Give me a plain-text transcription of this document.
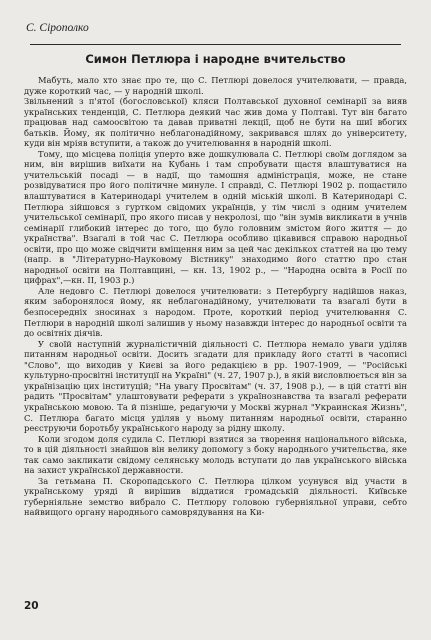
С. Сірополко
Симон Петлюра і народне вчительство

Мабуть, мало хто знає про те, що С. Петлюрі довелося учителювати, — правда, дуже короткий час, — у народній школі.

Звільнений з п'ятої (богословської) кляси Полтавської духовної семінарії за вияв українських тенденцій, С. Петлюра деякий час жив дома у Полтаві. Тут він багато працював над самоосвітою та давав приватні лекції, щоб не бути на шиї вбогих батьків. Йому, як політично неблагонадійному, закривався шлях до університету, куди він мріяв вступити, а також до учителювання в народній школі.

Тому, що місцева поліція уперто вже дошкулювала С. Петлюрі своїм доглядом за ним, він вирішив виїхати на Кубань і там спробувати щастя влаштуватися на учительській посаді — в надії, що тамошня адміністрація, може, не стане розвідуватися про його політичне минуле. І справді, С. Петлюрі 1902 р. пощастило влаштуватися в Катеринодарі учителем в одній міській школі. В Катеринодарі С. Петлюра зійшовся з гуртком свідомих українців, у тім числі з одним учителем учительської семінарії, про якого писав у некролозі, що "він зумів викликати в учнів семінарії глибокий інтерес до того, що було головним змістом його життя — до українства". Взагалі в той час С. Петлюра особливо цікавився справою народньої освіти, про що може свідчити вміщення ним за цей час декількох статтей на цю тему (напр. в "Літературно-Науковому Вістнику" знаходимо його статтю про стан народньої освіти на Полтавщині, — кн. 13, 1902 р., — "Народна освіта в Росії по цифрах",—кн. II, 1903 р.)

Але недовго С. Петлюрі довелося учителювати: з Петербургу надійшов наказ, яким заборонялося йому, як неблагонадійному, учителювати та взагалі бути в безпосередніх зносинах з народом. Проте, короткий період учителювання С. Петлюри в народній школі залишив у ньому назавжди інтерес до народньої освіти та до освітніх діячів.

У своїй наступній журналістичній діяльності С. Петлюра немало уваги уділяв питанням народньої освіти. Досить згадати для прикладу його статті в часописі "Слово", що виходив у Києві за його редакцією в рр. 1907-1909, — "Російські культурно-просвітні інституції на Україні" (ч. 27, 1907 р.), в якій висловлюється він за українізацію цих інституцій; "На увагу Просвітам" (ч. 37, 1908 р.), — в цій статті він радить "Просвітам" улаштовувати реферати з українознавства та взагалі реферати українською мовою. Та й пізніше, редагуючи у Москві журнал "Украинская Жизнь", С. Петлюра багато місця уділяв у ньому питанням народньої освіти, старанно реєструючи боротьбу українського народу за рідну школу.

Коли згодом доля судила С. Петлюрі взятися за творення національного війська, то в цій діяльності знайшов він велику допомогу з боку народнього учительства, яке так само закликати свідому селянську молодь вступати до лав українського війська на захист української державности.

За гетьмана П. Скоропадського С. Петлюра цілком усунувся від участи в українському уряді й вирішив віддатися громадській діяльності. Київське губерніяльне земство вибрало С. Петлюру головою губерніяльної управи, себто найвищого органу народнього самоврядування на Ки-

20
